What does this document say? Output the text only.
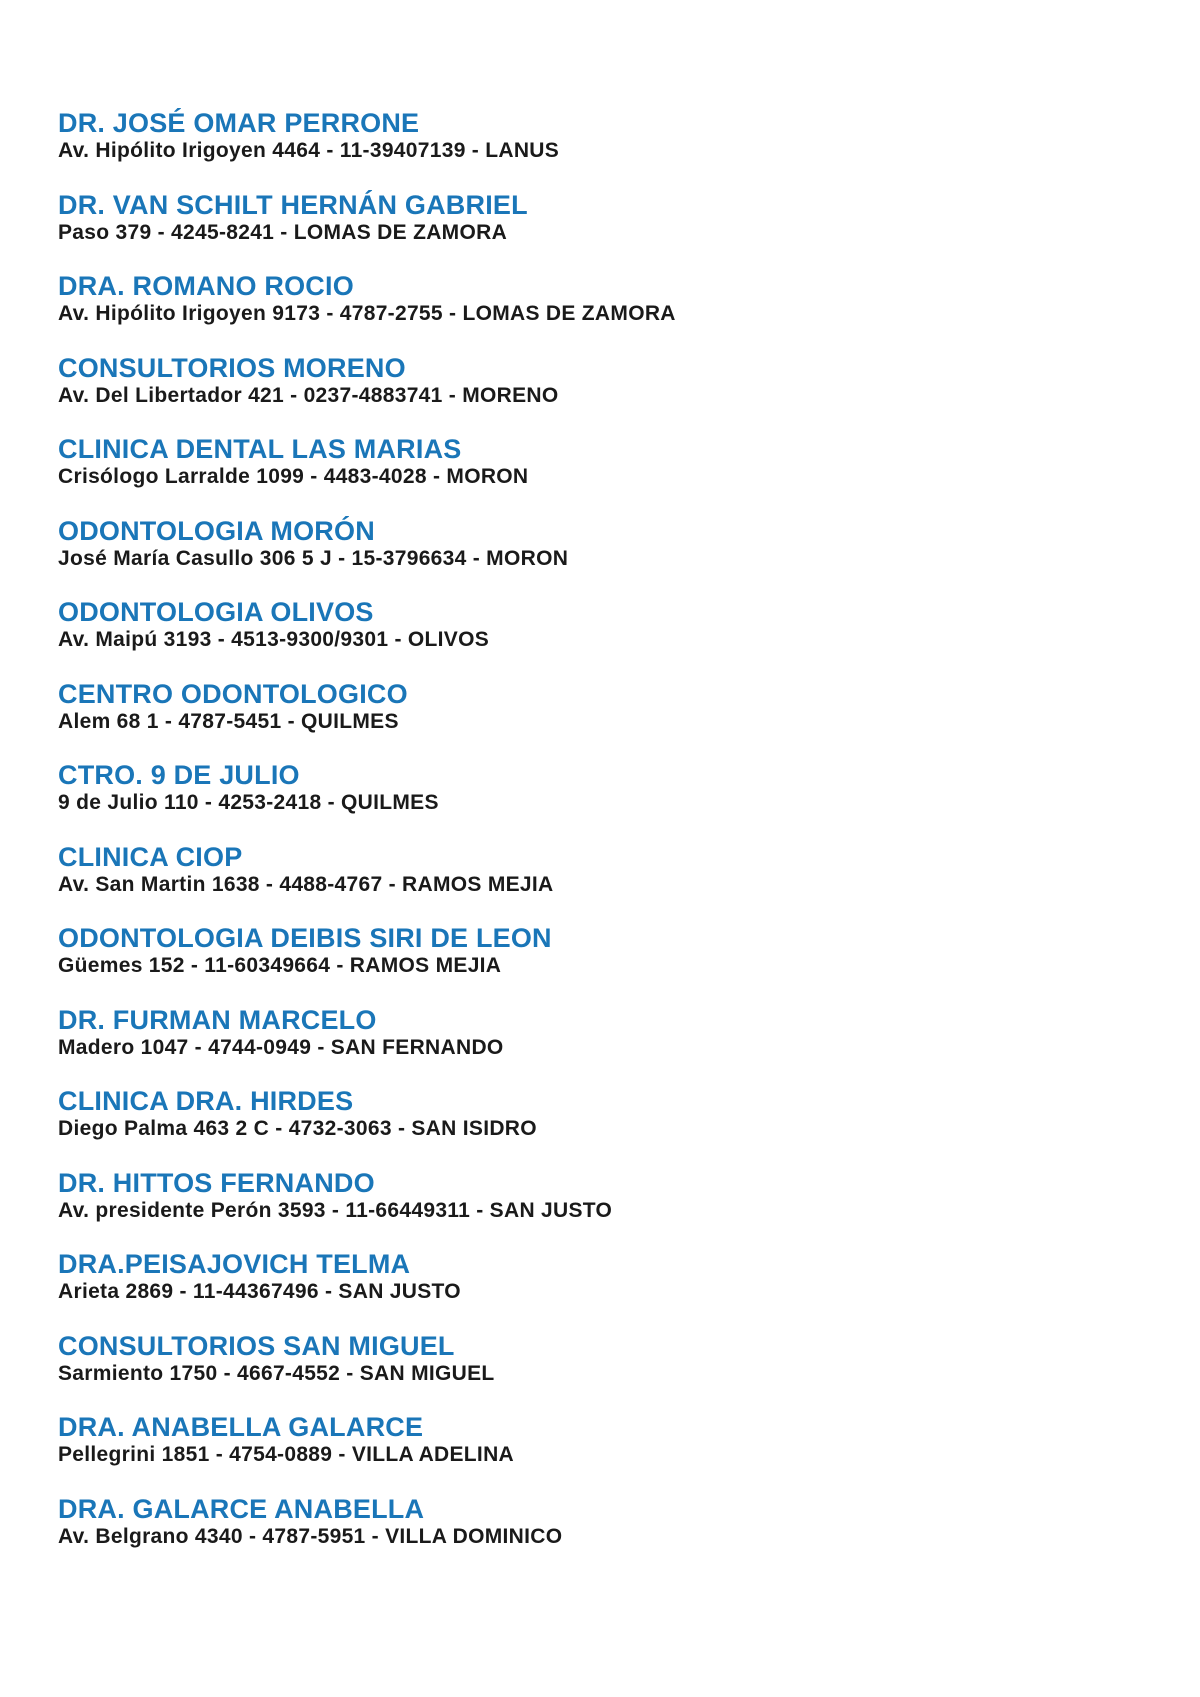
DR. JOSÉ OMAR PERRONE
Av. Hipólito Irigoyen 4464 - 11-39407139 - LANUS
DR. VAN SCHILT HERNÁN GABRIEL
Paso 379 - 4245-8241 - LOMAS DE ZAMORA
DRA. ROMANO ROCIO
Av. Hipólito Irigoyen 9173 - 4787-2755 - LOMAS DE ZAMORA
CONSULTORIOS MORENO
Av. Del Libertador 421 - 0237-4883741 - MORENO
CLINICA DENTAL LAS MARIAS
Crisólogo Larralde 1099 - 4483-4028 - MORON
ODONTOLOGIA MORÓN
José María Casullo 306 5 J - 15-3796634 - MORON
ODONTOLOGIA OLIVOS
Av. Maipú 3193 - 4513-9300/9301 - OLIVOS
CENTRO ODONTOLOGICO
Alem 68 1 - 4787-5451 - QUILMES
CTRO. 9 DE JULIO
9 de Julio 110 - 4253-2418 - QUILMES
CLINICA CIOP
Av. San Martin 1638 - 4488-4767 - RAMOS MEJIA
ODONTOLOGIA DEIBIS SIRI DE LEON
Güemes 152 - 11-60349664 - RAMOS MEJIA
DR. FURMAN MARCELO
Madero 1047 - 4744-0949 - SAN FERNANDO
CLINICA DRA. HIRDES
Diego Palma 463 2 C - 4732-3063 - SAN ISIDRO
DR. HITTOS FERNANDO
Av. presidente Perón 3593 - 11-66449311 - SAN JUSTO
DRA.PEISAJOVICH TELMA
Arieta 2869 - 11-44367496 - SAN JUSTO
CONSULTORIOS SAN MIGUEL
Sarmiento 1750 - 4667-4552 - SAN MIGUEL
DRA. ANABELLA GALARCE
Pellegrini 1851 - 4754-0889 - VILLA ADELINA
DRA. GALARCE ANABELLA
Av. Belgrano 4340 - 4787-5951 - VILLA DOMINICO
